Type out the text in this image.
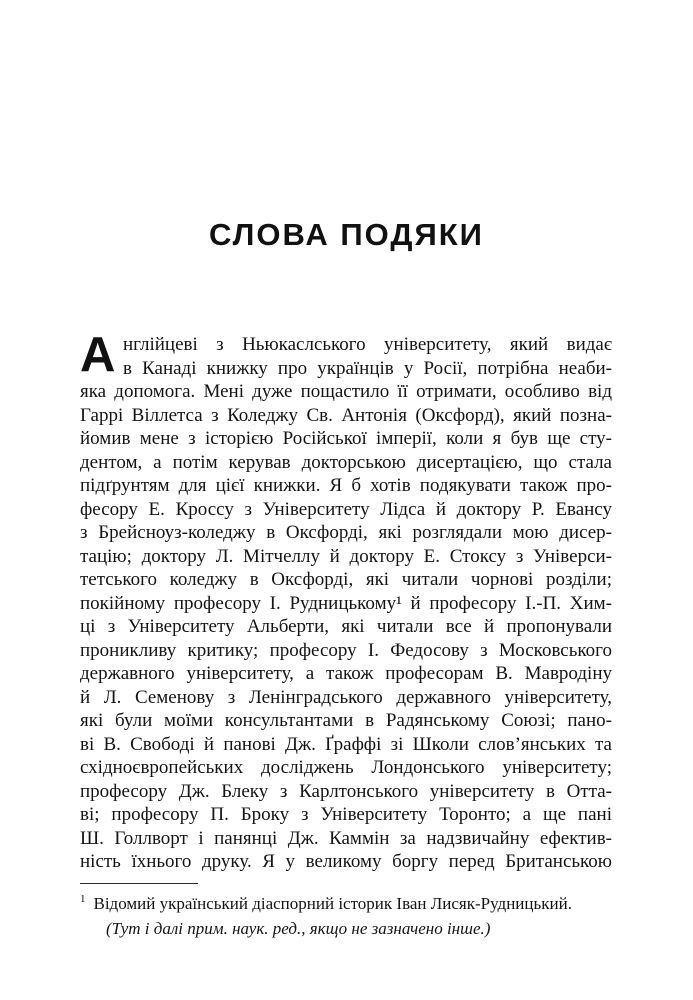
СЛОВА ПОДЯКИ
А нглійцеві з Ньюкаслського університету, який видає
в Канаді книжку про українців у Росії, потрібна неаби-
яка допомога. Мені дуже пощастило її отримати, особливо від
Гаррі Віллетса з Коледжу Св. Антонія (Оксфорд), який позна-
йомив мене з історією Російської імперії, коли я був ще сту-
дентом, а потім керував докторською дисертацією, що стала
підґрунтям для цієї книжки. Я б хотів подякувати також про-
фесору Е. Кроссу з Університету Лідса й доктору Р. Евансу
з Брейсноуз-коледжу в Оксфорді, які розглядали мою дисер-
тацію; доктору Л. Мітчеллу й доктору Е. Стоксу з Універси-
тетського коледжу в Оксфорді, які читали чорнові розділи;
покійному професору І. Рудницькому¹ й професору І.-П. Хим-
ці з Університету Альберти, які читали все й пропонували
проникливу критику; професору І. Федосову з Московського
державного університету, а також професорам В. Мавродіну
й Л. Семенову з Ленінградського державного університету,
які були моїми консультантами в Радянському Союзі; пано-
ві В. Свободі й панові Дж. Ґраффі зі Школи слов’янських та
східноєвропейських досліджень Лондонського університету;
професору Дж. Блеку з Карлтонського університету в Отта-
ві; професору П. Броку з Університету Торонто; а ще пані
Ш. Голлворт і панянці Дж. Каммін за надзвичайну ефектив-
ність їхнього друку. Я у великому боргу перед Британською
$^1$ Відомий український діаспорний історик Іван Лисяк-Рудницький.
(Тут і далі прим. наук. ред., якщо не зазначено інше.)
